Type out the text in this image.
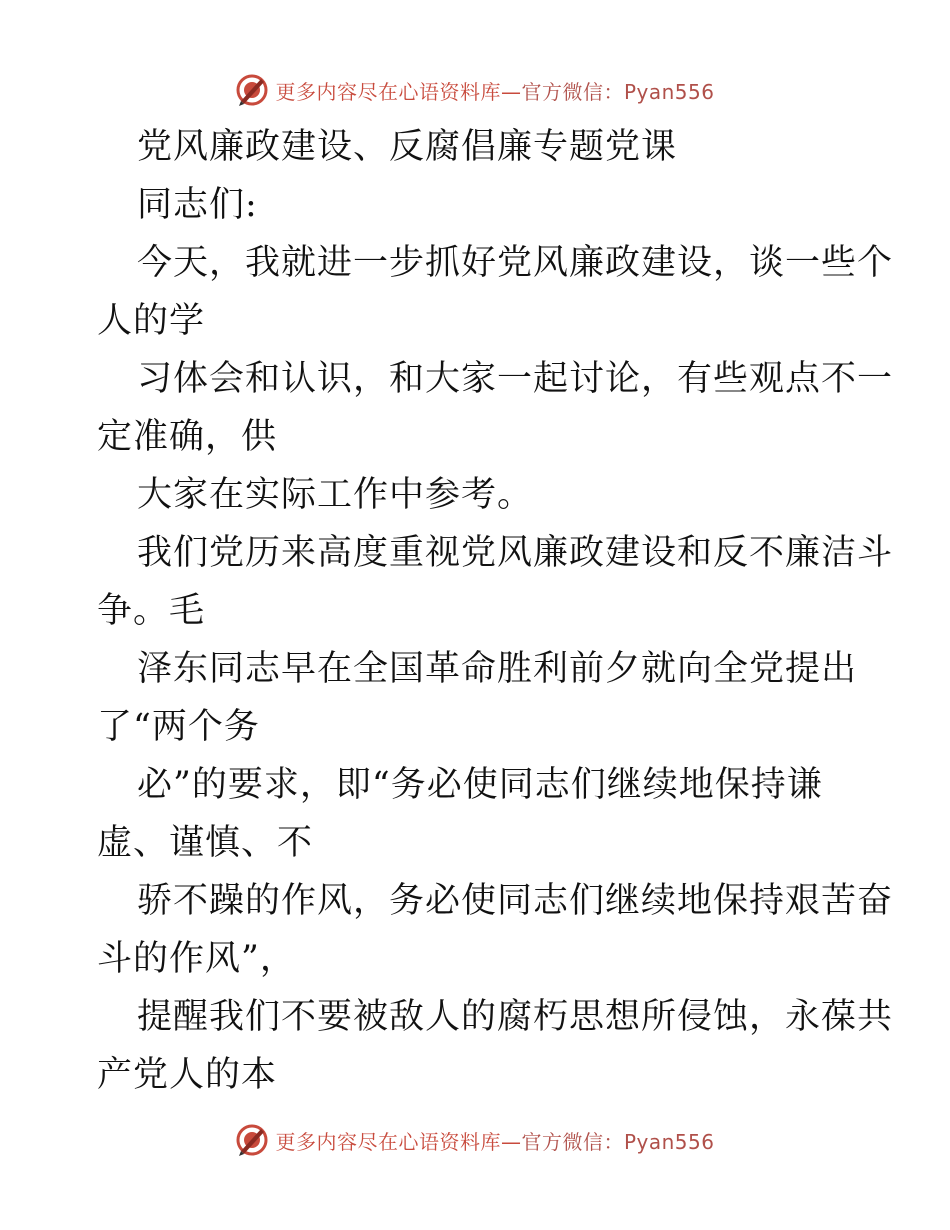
更多内容尽在心语资料库—官方微信：Pyan556
党风廉政建设、反腐倡廉专题党课
同志们:
今天，我就进一步抓好党风廉政建设，谈一些个
人的学
习体会和认识，和大家一起讨论，有些观点不一
定准确，供
大家在实际工作中参考。
我们党历来高度重视党风廉政建设和反不廉洁斗
争。毛
泽东同志早在全国革命胜利前夕就向全党提出
了“两个务
必”的要求，即“务必使同志们继续地保持谦
虚、谨慎、不
骄不躁的作风，务必使同志们继续地保持艰苦奋
斗的作风”，
提醒我们不要被敌人的腐朽思想所侵蚀，永葆共
产党人的本
更多内容尽在心语资料库—官方微信：Pyan556
